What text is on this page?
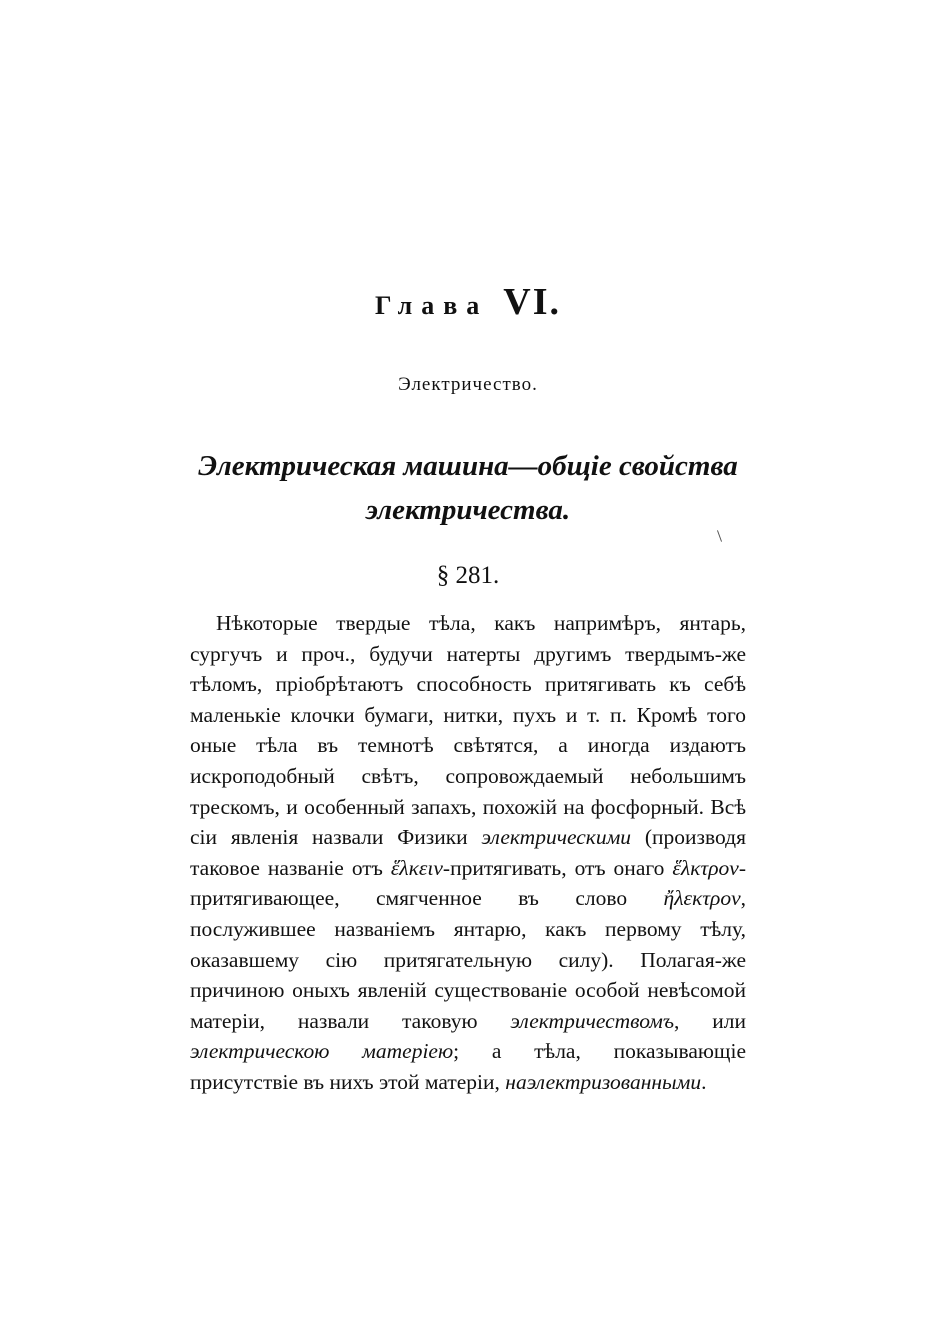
Глава VI.
Электричество.
Электрическая машина—общіе свойства электричества.
§ 281.

Нѣкоторые твердые тѣла, какъ напримѣръ, янтарь, сургучъ и проч., будучи натерты другимъ твердымъ-же тѣломъ, пріобрѣтаютъ способность притягивать къ себѣ маленькіе клочки бумаги, нитки, пухъ и т. п. Кромѣ того оные тѣла въ темнотѣ свѣтятся, а иногда издаютъ искроподобный свѣтъ, сопровождаемый небольшимъ трескомъ, и особенный запахъ, похожій на фосфорный. Всѣ сіи явленія назвали Физики электрическими (производя таковое названіе отъ ἕλκειν-притягивать, отъ онаго ἕλκτρον-притягивающее, смягченное въ слово ἤλεκτρον, послужившее названіемъ янтарю, какъ первому тѣлу, оказавшему сію притягательную силу). Полагая-же причиною оныхъ явленій существованіе особой невѣсомой матеріи, назвали таковую электричествомъ, или электрическою матеріею; а тѣла, показывающіе присутствіе въ нихъ этой матеріи, наэлектризованными.
